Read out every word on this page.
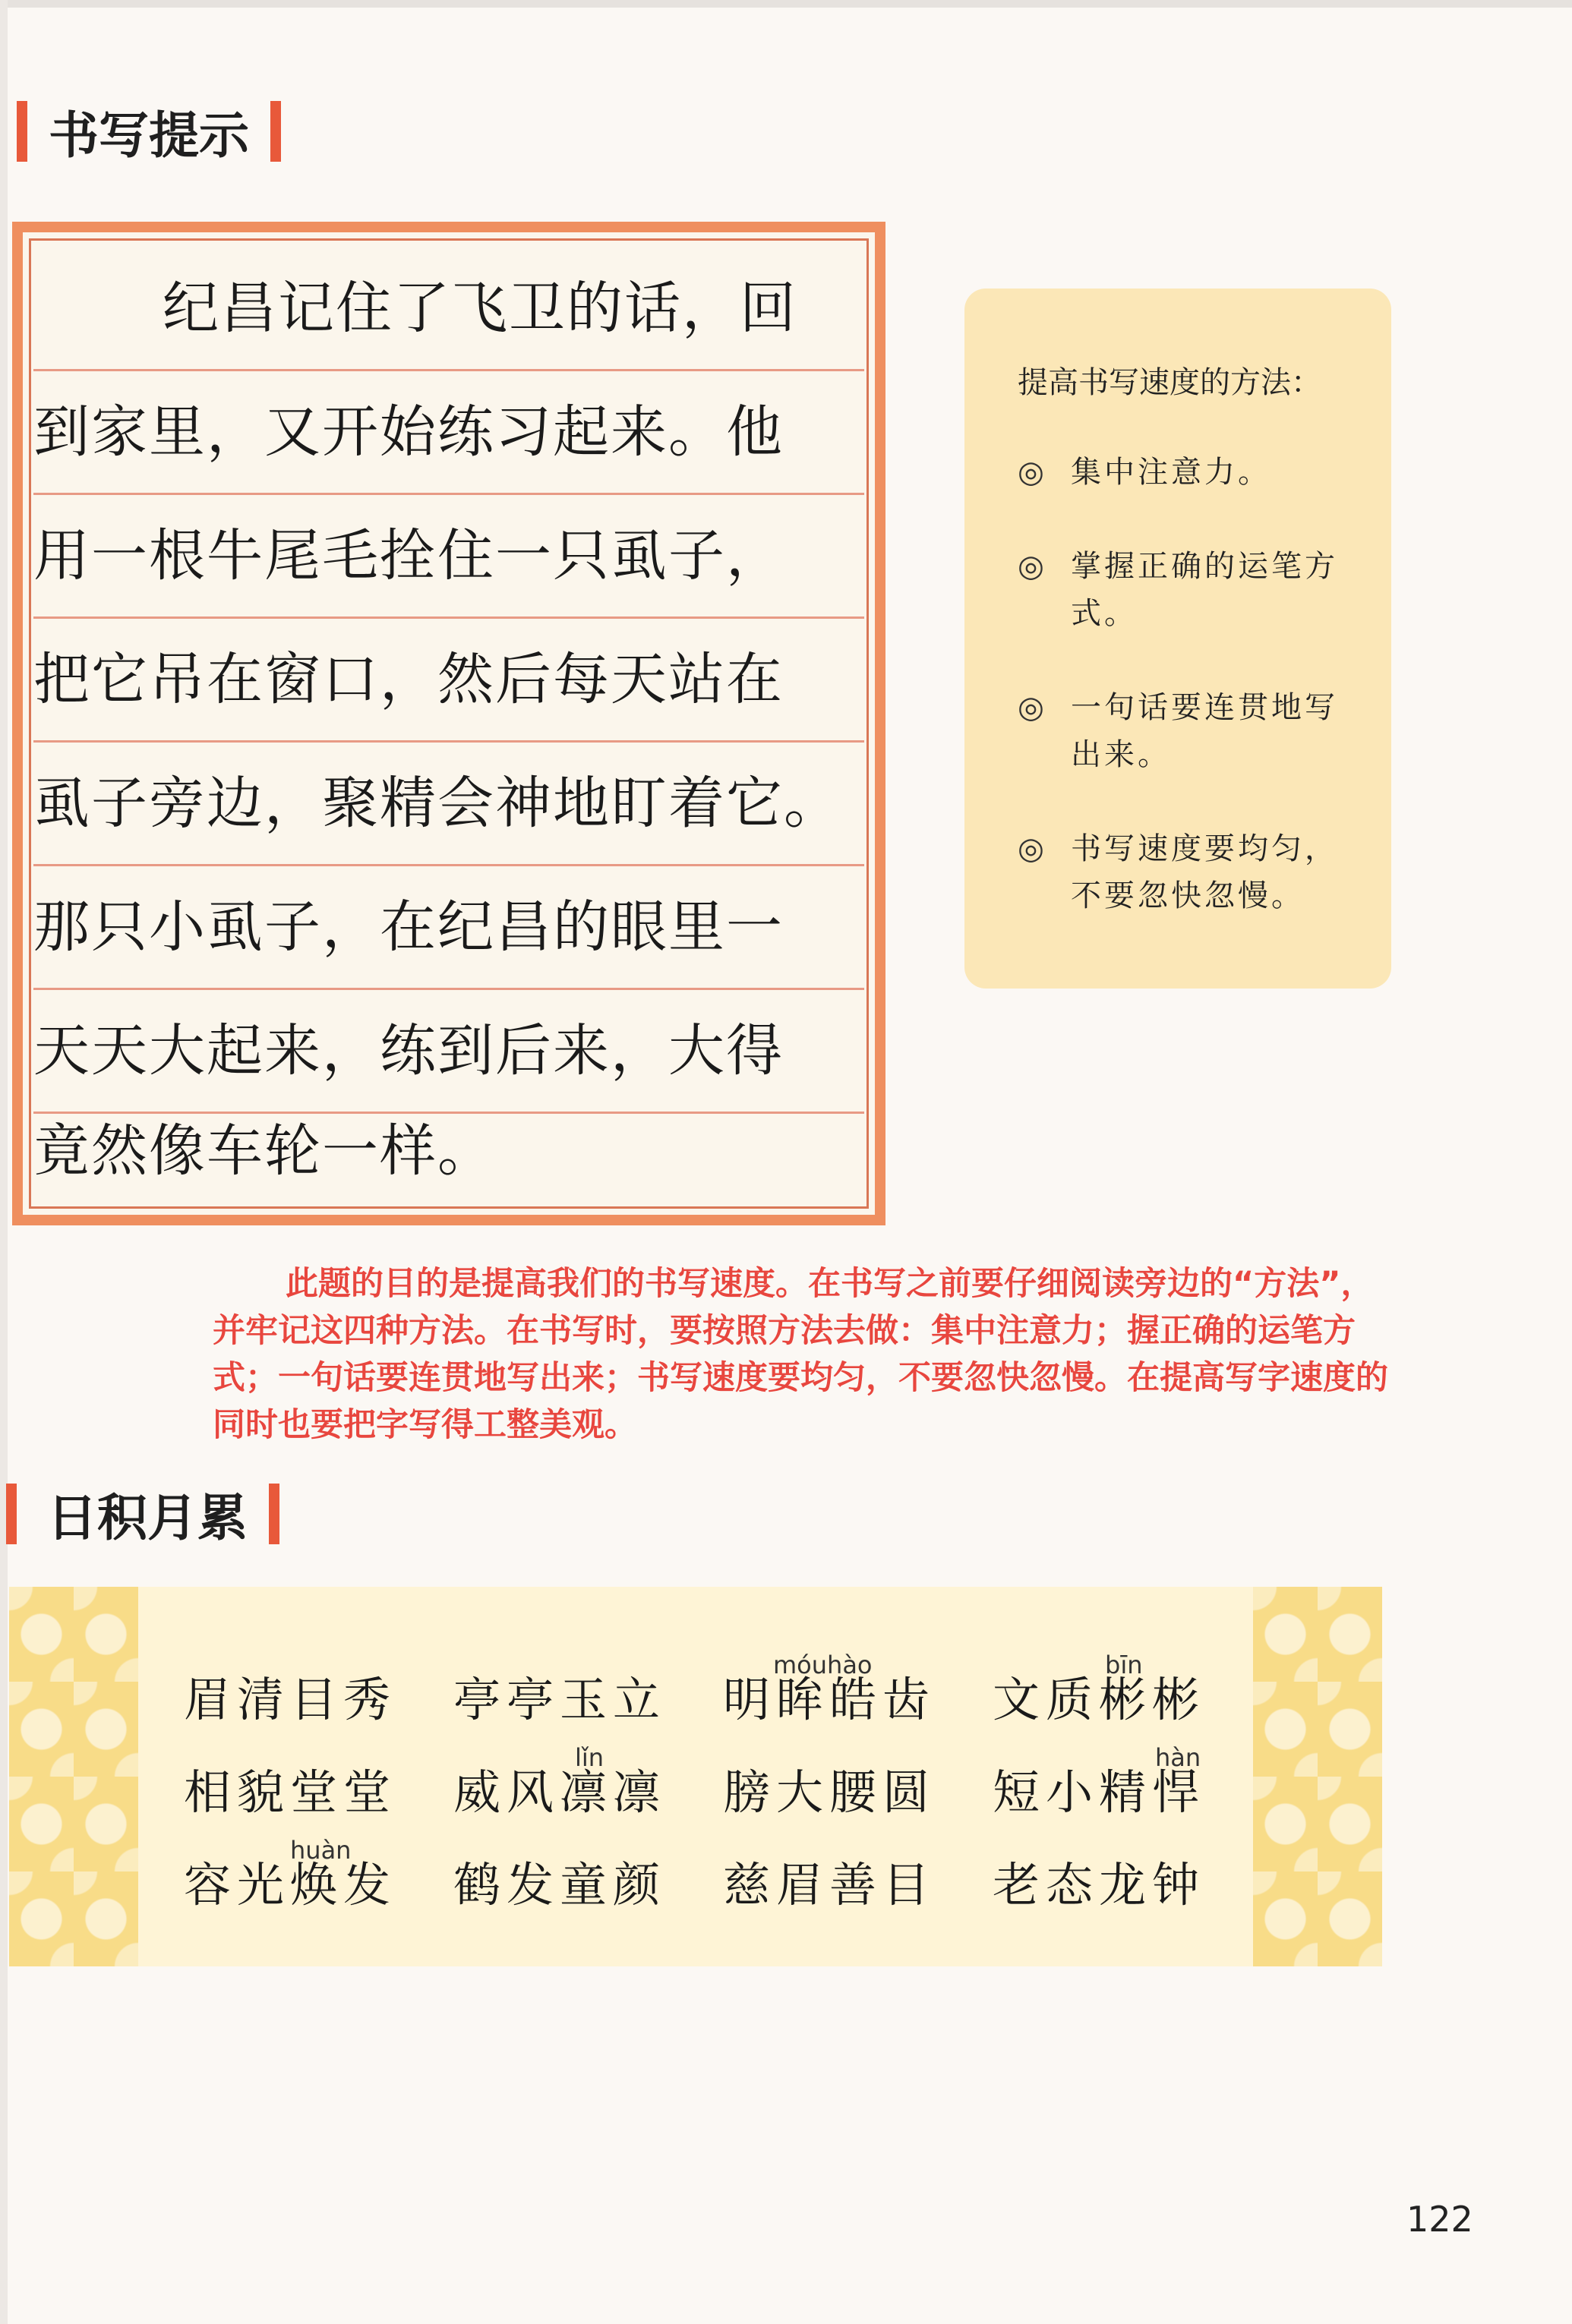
书写提示
纪昌记住了飞卫的话，回
到家里，又开始练习起来。他
用一根牛尾毛拴住一只虱子，
把它吊在窗口，然后每天站在
虱子旁边，聚精会神地盯着它。
那只小虱子，在纪昌的眼里一
天天大起来，练到后来，大得
竟然像车轮一样。
提高书写速度的方法：
◎ 集中注意力。
◎ 掌握正确的运笔方式。
◎ 一句话要连贯地写出来。
◎ 书写速度要均匀，不要忽快忽慢。
此题的目的是提高我们的书写速度。在书写之前要仔细阅读旁边的“方法”，并牢记这四种方法。在书写时，要按照方法去做：集中注意力；握正确的运笔方式；一句话要连贯地写出来；书写速度要均匀，不要忽快忽慢。在提高写字速度的同时也要把字写得工整美观。
日积月累
眉清目秀 亭亭玉立
móuhào
明眸皓齿
bīn
文质彬彬
相貌堂堂
lǐn
威风凛凛 膀大腰圆
hàn
短小精悍
huàn
容光焕发 鹤发童颜 慈眉善目 老态龙钟
122
